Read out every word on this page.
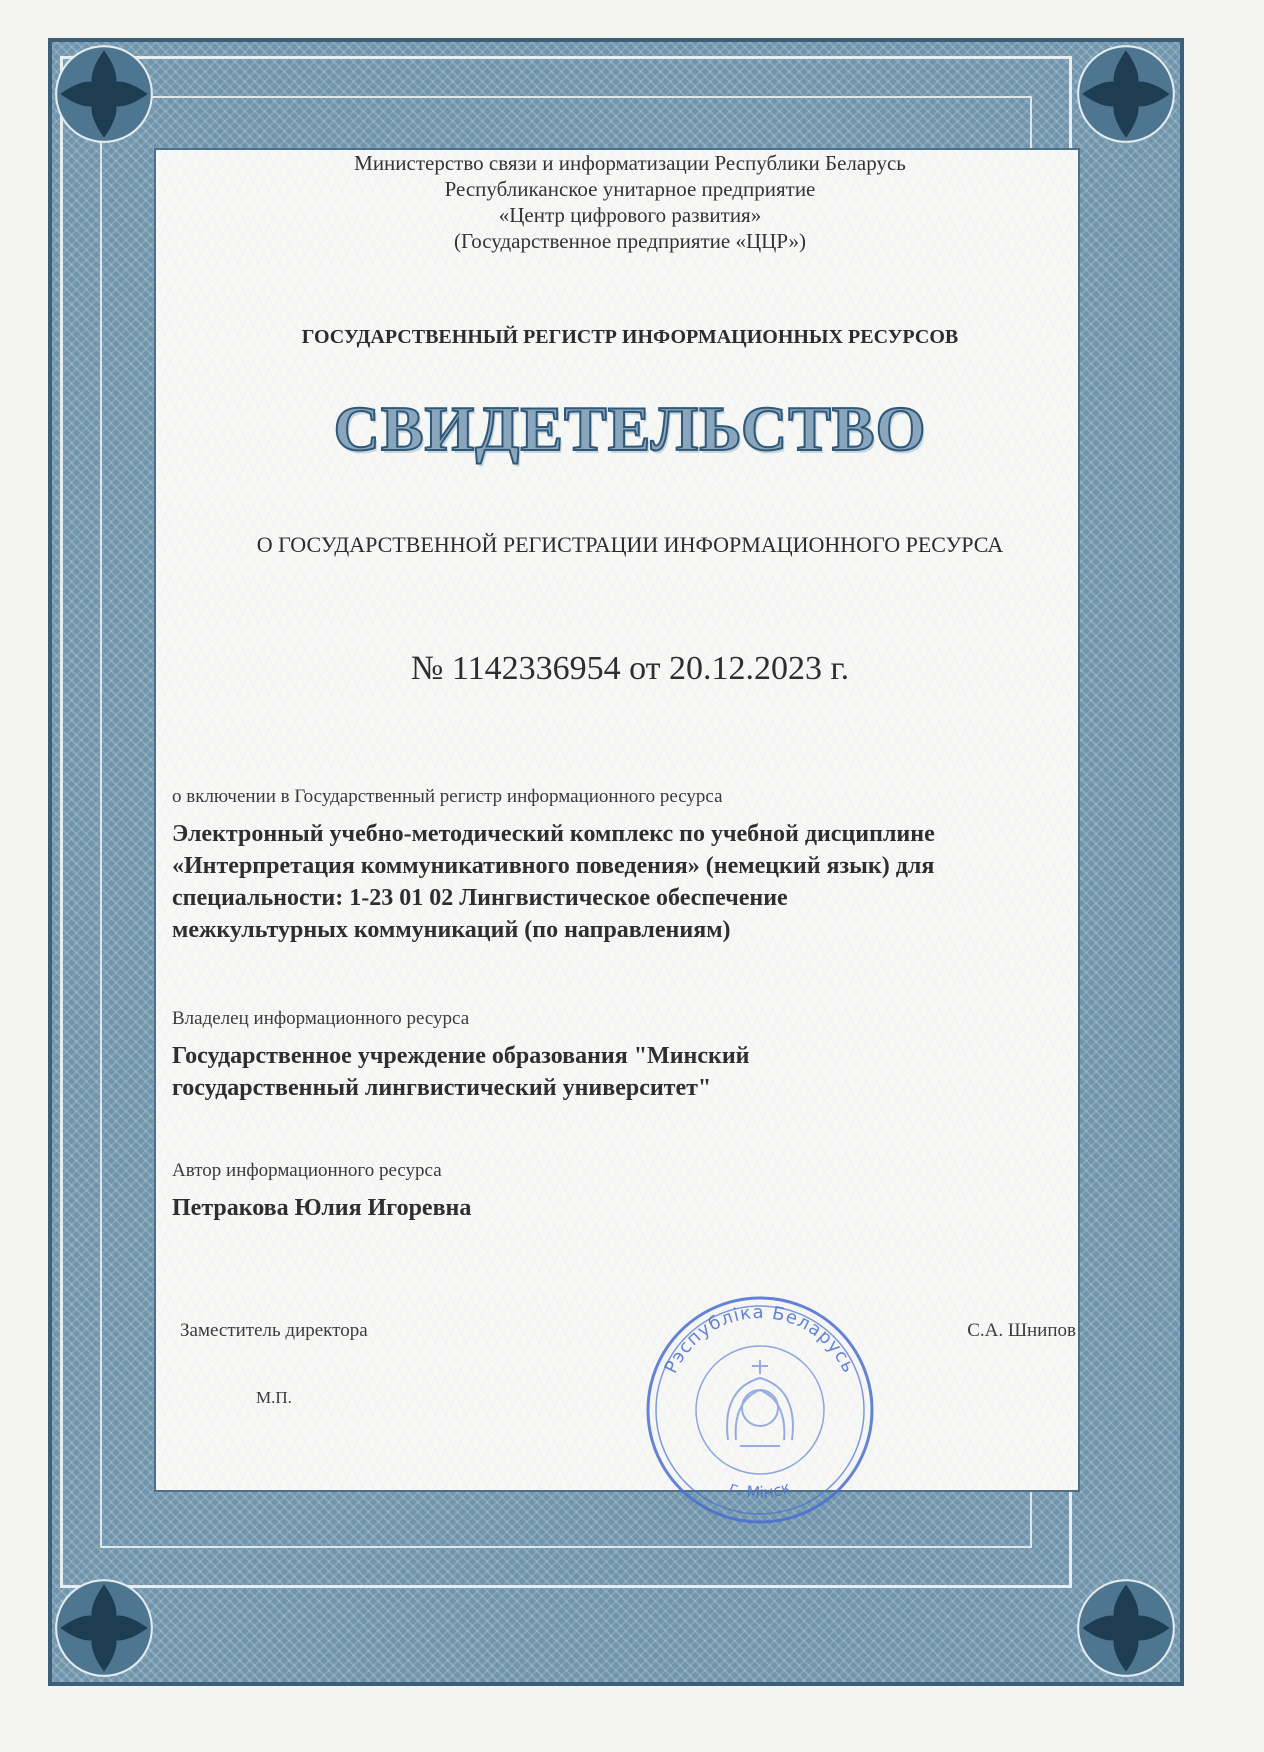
Министерство связи и информатизации Республики Беларусь
Республиканское унитарное предприятие
«Центр цифрового развития»
(Государственное предприятие «ЦЦР»)
ГОСУДАРСТВЕННЫЙ РЕГИСТР ИНФОРМАЦИОННЫХ РЕСУРСОВ
СВИДЕТЕЛЬСТВО
О ГОСУДАРСТВЕННОЙ РЕГИСТРАЦИИ ИНФОРМАЦИОННОГО РЕСУРСА
№ 1142336954 от 20.12.2023 г.
о включении в Государственный регистр информационного ресурса
Электронный учебно-методический комплекс по учебной дисциплине
«Интерпретация коммуникативного поведения» (немецкий язык) для
специальности: 1-23 01 02 Лингвистическое обеспечение
межкультурных коммуникаций (по направлениям)
Владелец информационного ресурса
Государственное учреждение образования "Минский
государственный лингвистический университет"
Автор информационного ресурса
Петракова Юлия Игоревна
Заместитель директора	С.А. Шнипов
М.П.
Рэспубліка Беларусь
г. Мінск
